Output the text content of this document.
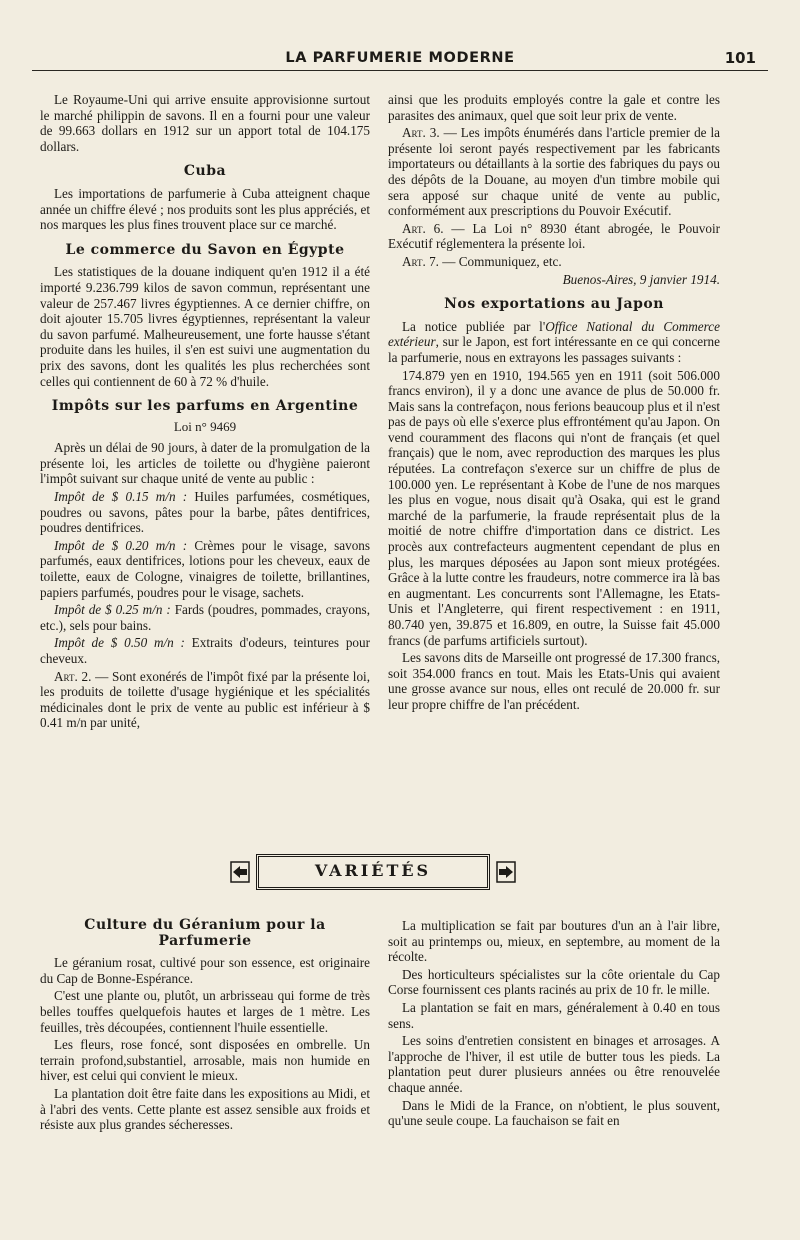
LA PARFUMERIE MODERNE	101

Le Royaume-Uni qui arrive ensuite approvisionne surtout le marché philippin de savons. Il en a fourni pour une valeur de 99.663 dollars en 1912 sur un apport total de 104.175 dollars.

Cuba

Les importations de parfumerie à Cuba atteignent chaque année un chiffre élevé ; nos produits sont les plus appréciés, et nos marques les plus fines trouvent place sur ce marché.

Le commerce du Savon en Égypte

Les statistiques de la douane indiquent qu'en 1912 il a été importé 9.236.799 kilos de savon commun, représentant une valeur de 257.467 livres égyptiennes. A ce dernier chiffre, on doit ajouter 15.705 livres égyptiennes, représentant la valeur du savon parfumé. Malheureusement, une forte hausse s'étant produite dans les huiles, il s'en est suivi une augmentation du prix des savons, dont les qualités les plus recherchées sont celles qui contiennent de 60 à 72 % d'huile.

Impôts sur les parfums en Argentine
Loi n° 9469

Après un délai de 90 jours, à dater de la promulgation de la présente loi, les articles de toilette ou d'hygiène paieront l'impôt suivant sur chaque unité de vente au public :

Impôt de $ 0.15 m/n : Huiles parfumées, cosmétiques, poudres ou savons, pâtes pour la barbe, pâtes dentifrices, poudres dentifrices.

Impôt de $ 0.20 m/n : Crèmes pour le visage, savons parfumés, eaux dentifrices, lotions pour les cheveux, eaux de toilette, eaux de Cologne, vinaigres de toilette, brillantines, papiers parfumés, poudres pour le visage, sachets.

Impôt de $ 0.25 m/n : Fards (poudres, pommades, crayons, etc.), sels pour bains.

Impôt de $ 0.50 m/n : Extraits d'odeurs, teintures pour cheveux.

Art. 2. — Sont exonérés de l'impôt fixé par la présente loi, les produits de toilette d'usage hygiénique et les spécialités médicinales dont le prix de vente au public est inférieur à $ 0.41 m/n par unité,

ainsi que les produits employés contre la gale et contre les parasites des animaux, quel que soit leur prix de vente.

Art. 3. — Les impôts énumérés dans l'article premier de la présente loi seront payés respectivement par les fabricants importateurs ou détaillants à la sortie des fabriques du pays ou des dépôts de la Douane, au moyen d'un timbre mobile qui sera apposé sur chaque unité de vente au public, conformément aux prescriptions du Pouvoir Exécutif.

Art. 6. — La Loi n° 8930 étant abrogée, le Pouvoir Exécutif réglementera la présente loi.

Art. 7. — Communiquez, etc.

Buenos-Aires, 9 janvier 1914.

Nos exportations au Japon

La notice publiée par l'Office National du Commerce extérieur, sur le Japon, est fort intéressante en ce qui concerne la parfumerie, nous en extrayons les passages suivants :

174.879 yen en 1910, 194.565 yen en 1911 (soit 506.000 francs environ), il y a donc une avance de plus de 50.000 fr. Mais sans la contrefaçon, nous ferions beaucoup plus et il n'est pas de pays où elle s'exerce plus effrontément qu'au Japon. On vend couramment des flacons qui n'ont de français (et quel français) que le nom, avec reproduction des marques les plus réputées. La contrefaçon s'exerce sur un chiffre de plus de 100.000 yen. Le représentant à Kobe de l'une de nos marques les plus en vogue, nous disait qu'à Osaka, qui est le grand marché de la parfumerie, la fraude représentait plus de la moitié de notre chiffre d'importation dans ce district. Les procès aux contrefacteurs augmentent cependant de plus en plus, les marques déposées au Japon sont mieux protégées. Grâce à la lutte contre les fraudeurs, notre commerce ira là bas en augmentant. Les concurrents sont l'Allemagne, les Etats-Unis et l'Angleterre, qui firent respectivement : en 1911, 80.740 yen, 39.875 et 16.809, en outre, la Suisse fait 45.000 francs (de parfums artificiels surtout).

Les savons dits de Marseille ont progressé de 17.300 francs, soit 354.000 francs en tout. Mais les Etats-Unis qui avaient une grosse avance sur nous, elles ont reculé de 20.000 fr. sur leur propre chiffre de l'an précédent.

VARIÉTÉS
Culture du Géranium pour la Parfumerie

Le géranium rosat, cultivé pour son essence, est originaire du Cap de Bonne-Espérance.

C'est une plante ou, plutôt, un arbrisseau qui forme de très belles touffes quelquefois hautes et larges de 1 mètre. Les feuilles, très découpées, contiennent l'huile essentielle.

Les fleurs, rose foncé, sont disposées en ombrelle. Un terrain profond,substantiel, arrosable, mais non humide en hiver, est celui qui convient le mieux.

La plantation doit être faite dans les expositions au Midi, et à l'abri des vents. Cette plante est assez sensible aux froids et résiste aux plus grandes sécheresses.

La multiplication se fait par boutures d'un an à l'air libre, soit au printemps ou, mieux, en septembre, au moment de la récolte.

Des horticulteurs spécialistes sur la côte orientale du Cap Corse fournissent ces plants racinés au prix de 10 fr. le mille.

La plantation se fait en mars, généralement à 0.40 en tous sens.

Les soins d'entretien consistent en binages et arrosages. A l'approche de l'hiver, il est utile de butter tous les pieds. La plantation peut durer plusieurs années ou être renouvelée chaque année.

Dans le Midi de la France, on n'obtient, le plus souvent, qu'une seule coupe. La fauchaison se fait en
